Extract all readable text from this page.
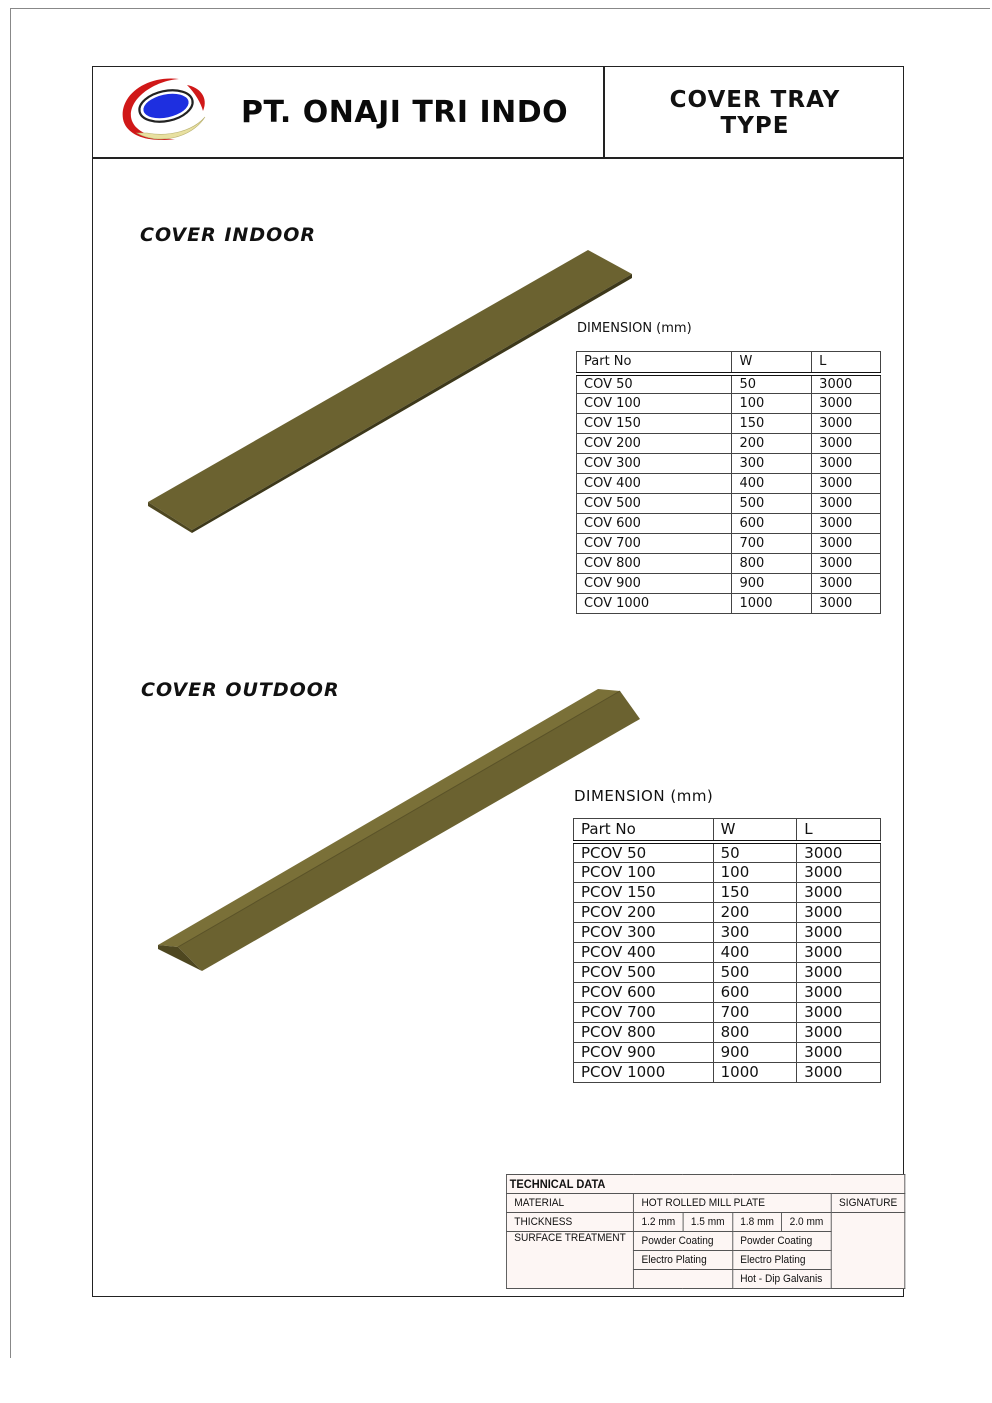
PT. ONAJI TRI INDO	COVER TRAY
TYPE
COVER INDOOR
DIMENSION (mm)
Part No	W	L
COV 50	50	3000
COV 100	100	3000
COV 150	150	3000
COV 200	200	3000
COV 300	300	3000
COV 400	400	3000
COV 500	500	3000
COV 600	600	3000
COV 700	700	3000
COV 800	800	3000
COV 900	900	3000
COV 1000	1000	3000
COVER OUTDOOR
DIMENSION (mm)
Part No	W	L
PCOV 50	50	3000
PCOV 100	100	3000
PCOV 150	150	3000
PCOV 200	200	3000
PCOV 300	300	3000
PCOV 400	400	3000
PCOV 500	500	3000
PCOV 600	600	3000
PCOV 700	700	3000
PCOV 800	800	3000
PCOV 900	900	3000
PCOV 1000	1000	3000
TECHNICAL DATA					
MATERIAL	HOT ROLLED MILL PLATE				SIGNATURE
THICKNESS	1.2 mm	1.5 mm	1.8 mm	2.0 mm	
SURFACE TREATMENT	Powder Coating		Powder Coating		
	Electro Plating		Electro Plating		
			Hot - Dip Galvanis		
